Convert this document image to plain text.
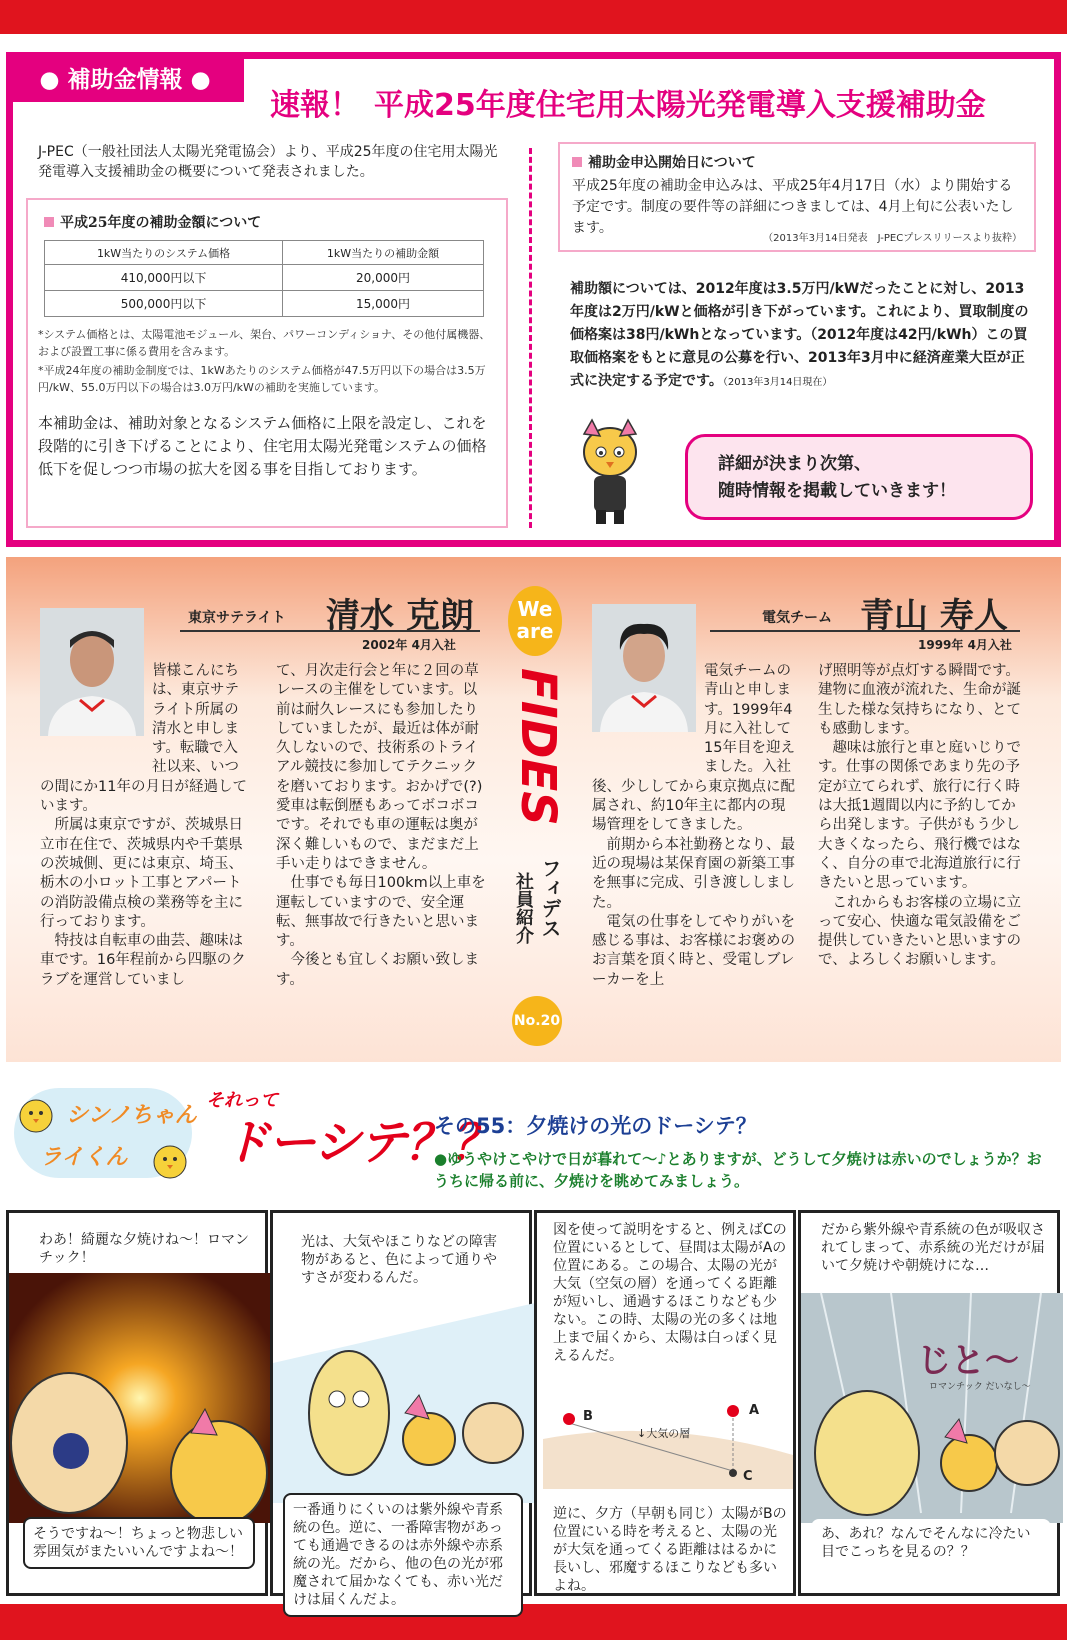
● 補助金情報 ●
速報！ 平成25年度住宅用太陽光発電導入支援補助金
J-PEC（一般社団法人太陽光発電協会）より、平成25年度の住宅用太陽光発電導入支援補助金の概要について発表されました。
平成25年度の補助金額について
1kW当たりのシステム価格	1kW当たりの補助金額
410,000円以下	20,000円
500,000円以下	15,000円
*システム価格とは、太陽電池モジュール、架台、パワーコンディショナ、その他付属機器、および設置工事に係る費用を含みます。
*平成24年度の補助金制度では、1kWあたりのシステム価格が47.5万円以下の場合は3.5万円/kW、55.0万円以下の場合は3.0万円/kWの補助を実施しています。
本補助金は、補助対象となるシステム価格に上限を設定し、これを段階的に引き下げることにより、住宅用太陽光発電システムの価格低下を促しつつ市場の拡大を図る事を目指しております。
補助金申込開始日について
平成25年度の補助金申込みは、平成25年4月17日（水）より開始する予定です。制度の要件等の詳細につきましては、4月上旬に公表いたします。
（2013年3月14日発表　J-PECプレスリリースより抜粋）
補助額については、2012年度は3.5万円/kWだったことに対し、2013年度は2万円/kWと価格が引き下がっています。これにより、買取制度の価格案は38円/kWhとなっています。（2012年度は42円/kWh）この買取価格案をもとに意見の公募を行い、2013年3月中に経済産業大臣が正式に決定する予定です。（2013年3月14日現在）
詳細が決まり次第、
随時情報を掲載していきます！
東京サテライト 清水 克朗
2002年 4月入社
皆様こんにちは、東京サテライト所属の清水と申します。転職で入社以来、いつの間にか11年の月日が経過しています。
　所属は東京ですが、茨城県日立市在住で、茨城県内や千葉県の茨城側、更には東京、埼玉、栃木の小ロット工事とアパートの消防設備点検の業務等を主に行っております。
　特技は自転車の曲芸、趣味は車です。16年程前から四駆のクラブを運営していまし
て、月次走行会と年に２回の草レースの主催をしています。以前は耐久レースにも参加したりしていましたが、最近は体が耐久しないので、技術系のトライアル競技に参加してテクニックを磨いております。おかげで(?)愛車は転倒歴もあってボコボコです。それでも車の運転は奥が深く難しいもので、まだまだ上手い走りはできません。
　仕事でも毎日100km以上車を運転していますので、安全運転、無事故で行きたいと思います。
　今後とも宜しくお願い致します。
We
are
FIDES
フィデス
社員紹介
No.20
電気チーム 青山 寿人
1999年 4月入社
電気チームの青山と申します。1999年4月に入社して15年目を迎えました。入社後、少ししてから東京拠点に配属され、約10年主に都内の現場管理をしてきました。
　前期から本社勤務となり、最近の現場は某保育園の新築工事を無事に完成、引き渡ししました。
　電気の仕事をしてやりがいを感じる事は、お客様にお褒めのお言葉を頂く時と、受電しブレーカーを上
げ照明等が点灯する瞬間です。建物に血液が流れた、生命が誕生した様な気持ちになり、とても感動します。
　趣味は旅行と車と庭いじりです。仕事の関係であまり先の予定が立てられず、旅行に行く時は大抵1週間以内に予約してから出発します。子供がもう少し大きくなったら、飛行機ではなく、自分の車で北海道旅行に行きたいと思っています。
　これからもお客様の立場に立って安心、快適な電気設備をご提供していきたいと思いますので、よろしくお願いします。
シンノちゃん
ライくん
それって
ドーシテ？？
その55：夕焼けの光のドーシテ？
●ゆうやけこやけで日が暮れて〜♪とありますが、どうして夕焼けは赤いのでしょうか？おうちに帰る前に、夕焼けを眺めてみましょう。
わあ！綺麗な夕焼けね〜！ロマンチック！
そうですね〜！ちょっと物悲しい雰囲気がまたいいんですよね〜！
光は、大気やほこりなどの障害物があると、色によって通りやすさが変わるんだ。
一番通りにくいのは紫外線や青系統の色。逆に、一番障害物があっても通過できるのは赤外線や赤系統の光。だから、他の色の光が邪魔されて届かなくても、赤い光だけは届くんだよ。
図を使って説明をすると、例えばCの位置にいるとして、昼間は太陽がAの位置にある。この場合、太陽の光が大気（空気の層）を通ってくる距離が短いし、通過するほこりなども少ない。この時、太陽の光の多くは地上まで届くから、太陽は白っぽく見えるんだ。
B	A
C
↓大気の層
逆に、夕方（早朝も同じ）太陽がBの位置にいる時を考えると、太陽の光が大気を通ってくる距離ははるかに長いし、邪魔するほこりなども多いよね。
だから紫外線や青系統の色が吸収されてしまって、赤系統の光だけが届いて夕焼けや朝焼けにな…
じと〜
ロマンチック だいなし〜
あ、あれ？なんでそんなに冷たい目でこっちを見るの？？
